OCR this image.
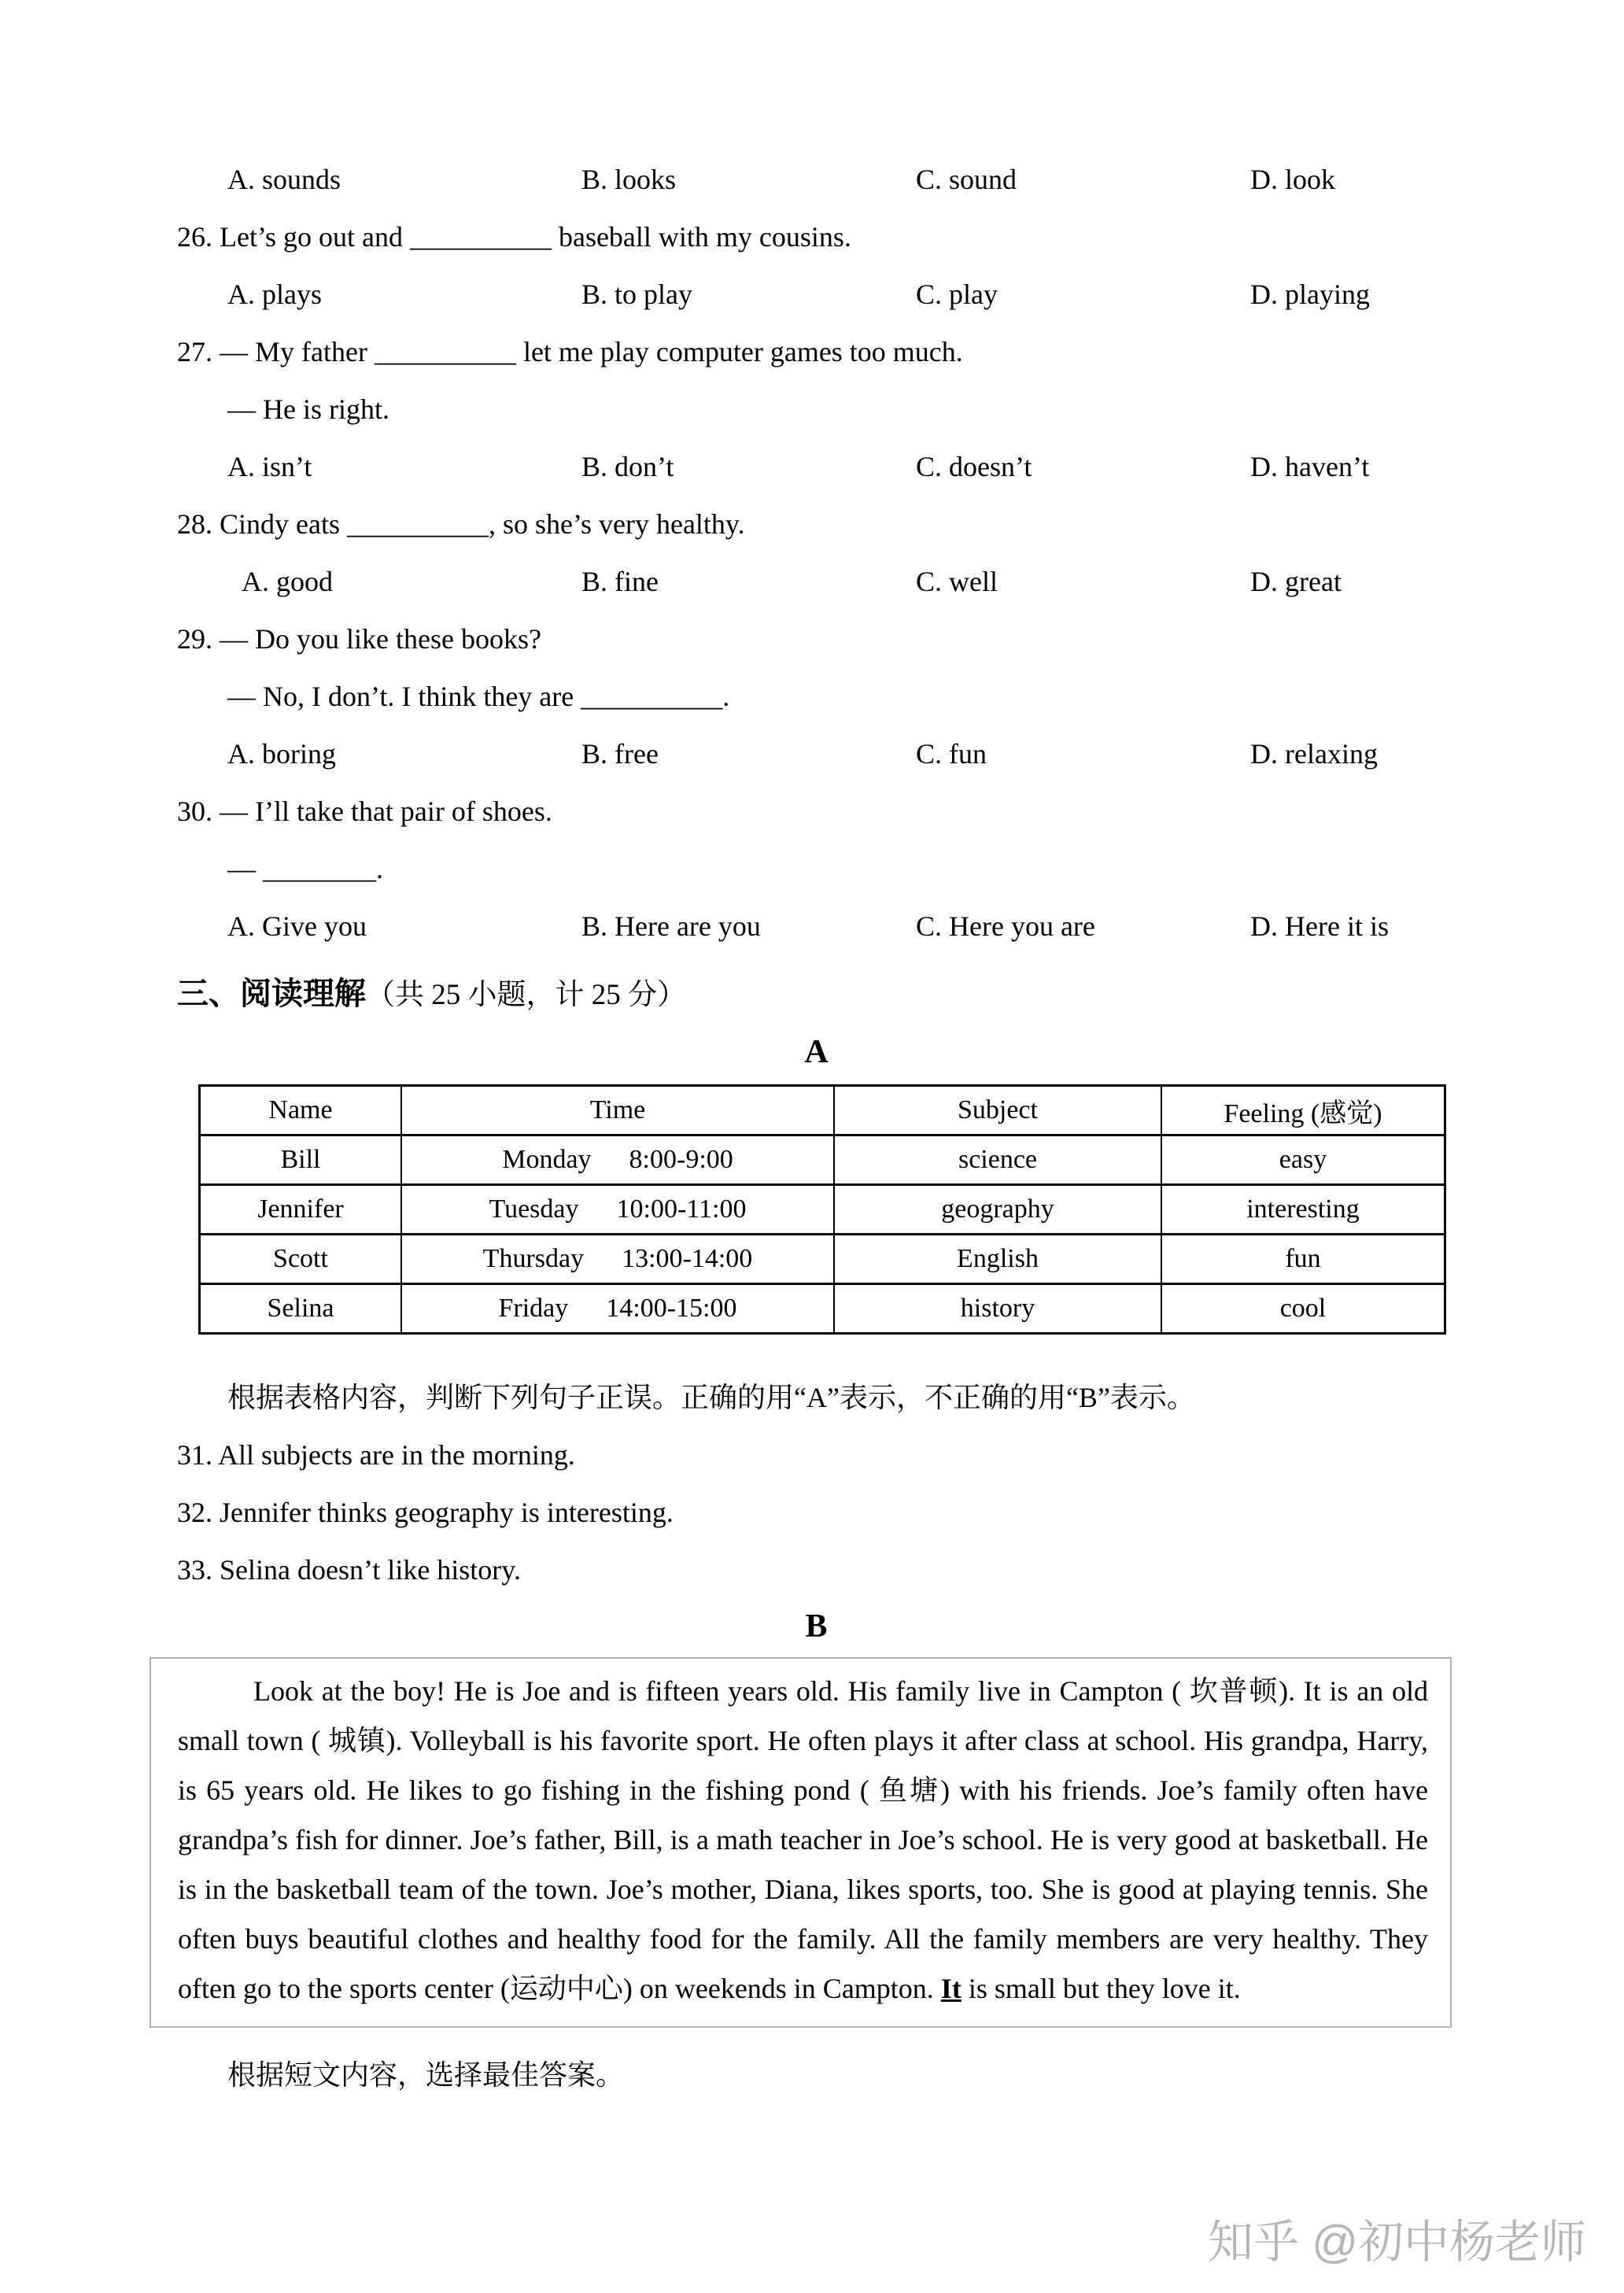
A. sounds	B. looks	C. sound	D. look
26. Let’s go out and __________ baseball with my cousins.
A. plays	B. to play	C. play	D. playing
27. — My father __________ let me play computer games too much.
— He is right.
A. isn’t	B. don’t	C. doesn’t	D. haven’t
28. Cindy eats __________, so she’s very healthy.
A. good	B. fine	C. well	D. great
29. — Do you like these books?
— No, I don’t. I think they are __________.
A. boring	B. free	C. fun	D. relaxing
30. — I’ll take that pair of shoes.
— ________.
A. Give you	B. Here are you	C. Here you are	D. Here it is
三、阅读理解（共 25 小题，计 25 分）
A
Name	Time	Subject	Feeling (感觉)
Bill	Monday 8:00-9:00	science	easy
Jennifer	Tuesday 10:00-11:00	geography	interesting
Scott	Thursday 13:00-14:00	English	fun
Selina	Friday 14:00-15:00	history	cool
根据表格内容，判断下列句子正误。正确的用“A”表示，不正确的用“B”表示。
31. All subjects are in the morning.
32. Jennifer thinks geography is interesting.
33. Selina doesn’t like history.
B

Look at the boy! He is Joe and is fifteen years old. His family live in Campton ( 坎普顿). It is an old small town ( 城镇). Volleyball is his favorite sport. He often plays it after class at school. His grandpa, Harry, is 65 years old. He likes to go fishing in the fishing pond ( 鱼塘) with his friends. Joe’s family often have grandpa’s fish for dinner. Joe’s father, Bill, is a math teacher in Joe’s school. He is very good at basketball. He is in the basketball team of the town. Joe’s mother, Diana, likes sports, too. She is good at playing tennis. She often buys beautiful clothes and healthy food for the family. All the family members are very healthy. They often go to the sports center (运动中心) on weekends in Campton. It is small but they love it.

根据短文内容，选择最佳答案。
知乎 @初中杨老师
